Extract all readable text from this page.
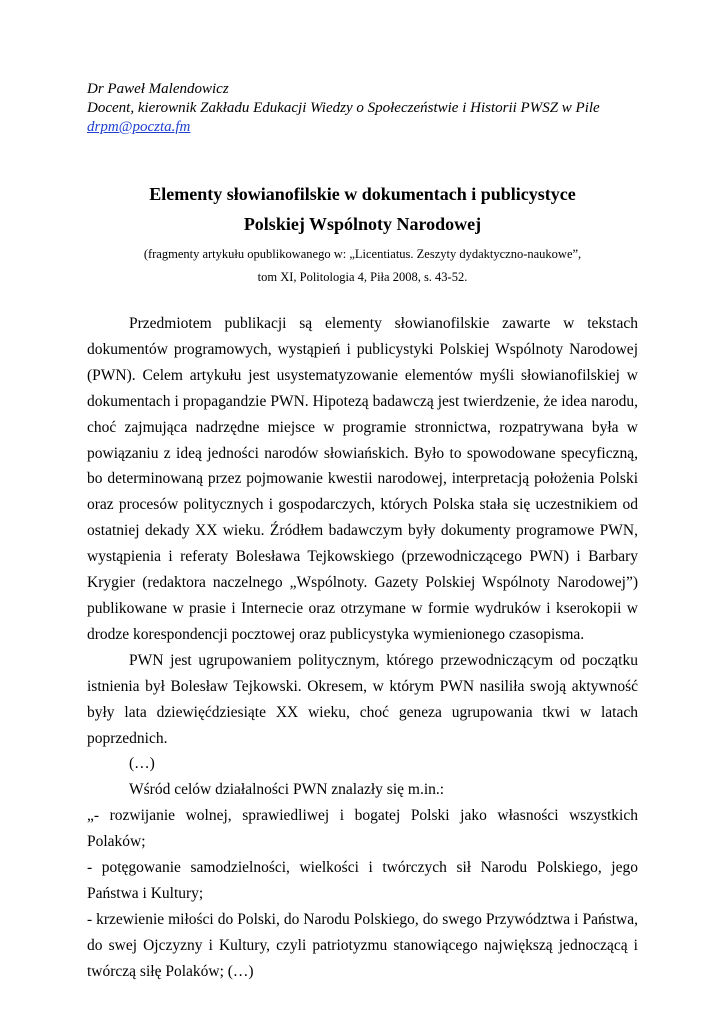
Dr Paweł Malendowicz
Docent, kierownik Zakładu Edukacji Wiedzy o Społeczeństwie i Historii PWSZ w Pile
drpm@poczta.fm
Elementy słowianofilskie w dokumentach i publicystyce
Polskiej Wspólnoty Narodowej
(fragmenty artykułu opublikowanego w: „Licentiatus. Zeszyty dydaktyczno-naukowe”,
tom XI, Politologia 4, Piła 2008, s. 43-52.

Przedmiotem publikacji są elementy słowianofilskie zawarte w tekstach dokumentów programowych, wystąpień i publicystyki Polskiej Wspólnoty Narodowej (PWN). Celem artykułu jest usystematyzowanie elementów myśli słowianofilskiej w dokumentach i propagandzie PWN. Hipotezą badawczą jest twierdzenie, że idea narodu, choć zajmująca nadrzędne miejsce w programie stronnictwa, rozpatrywana była w powiązaniu z ideą jedności narodów słowiańskich. Było to spowodowane specyficzną, bo determinowaną przez pojmowanie kwestii narodowej, interpretacją położenia Polski oraz procesów politycznych i gospodarczych, których Polska stała się uczestnikiem od ostatniej dekady XX wieku. Źródłem badawczym były dokumenty programowe PWN, wystąpienia i referaty Bolesława Tejkowskiego (przewodniczącego PWN) i Barbary Krygier (redaktora naczelnego „Wspólnoty. Gazety Polskiej Wspólnoty Narodowej”) publikowane w prasie i Internecie oraz otrzymane w formie wydruków i kserokopii w drodze korespondencji pocztowej oraz publicystyka wymienionego czasopisma.

PWN jest ugrupowaniem politycznym, którego przewodniczącym od początku istnienia był Bolesław Tejkowski. Okresem, w którym PWN nasiliła swoją aktywność były lata dziewięćdziesiąte XX wieku, choć geneza ugrupowania tkwi w latach poprzednich.

(…)

Wśród celów działalności PWN znalazły się m.in.:

„- rozwijanie wolnej, sprawiedliwej i bogatej Polski jako własności wszystkich Polaków;

- potęgowanie samodzielności, wielkości i twórczych sił Narodu Polskiego, jego Państwa i Kultury;

- krzewienie miłości do Polski, do Narodu Polskiego, do swego Przywództwa i Państwa, do swej Ojczyzny i Kultury, czyli patriotyzmu stanowiącego największą jednoczącą i twórczą siłę Polaków; (…)
